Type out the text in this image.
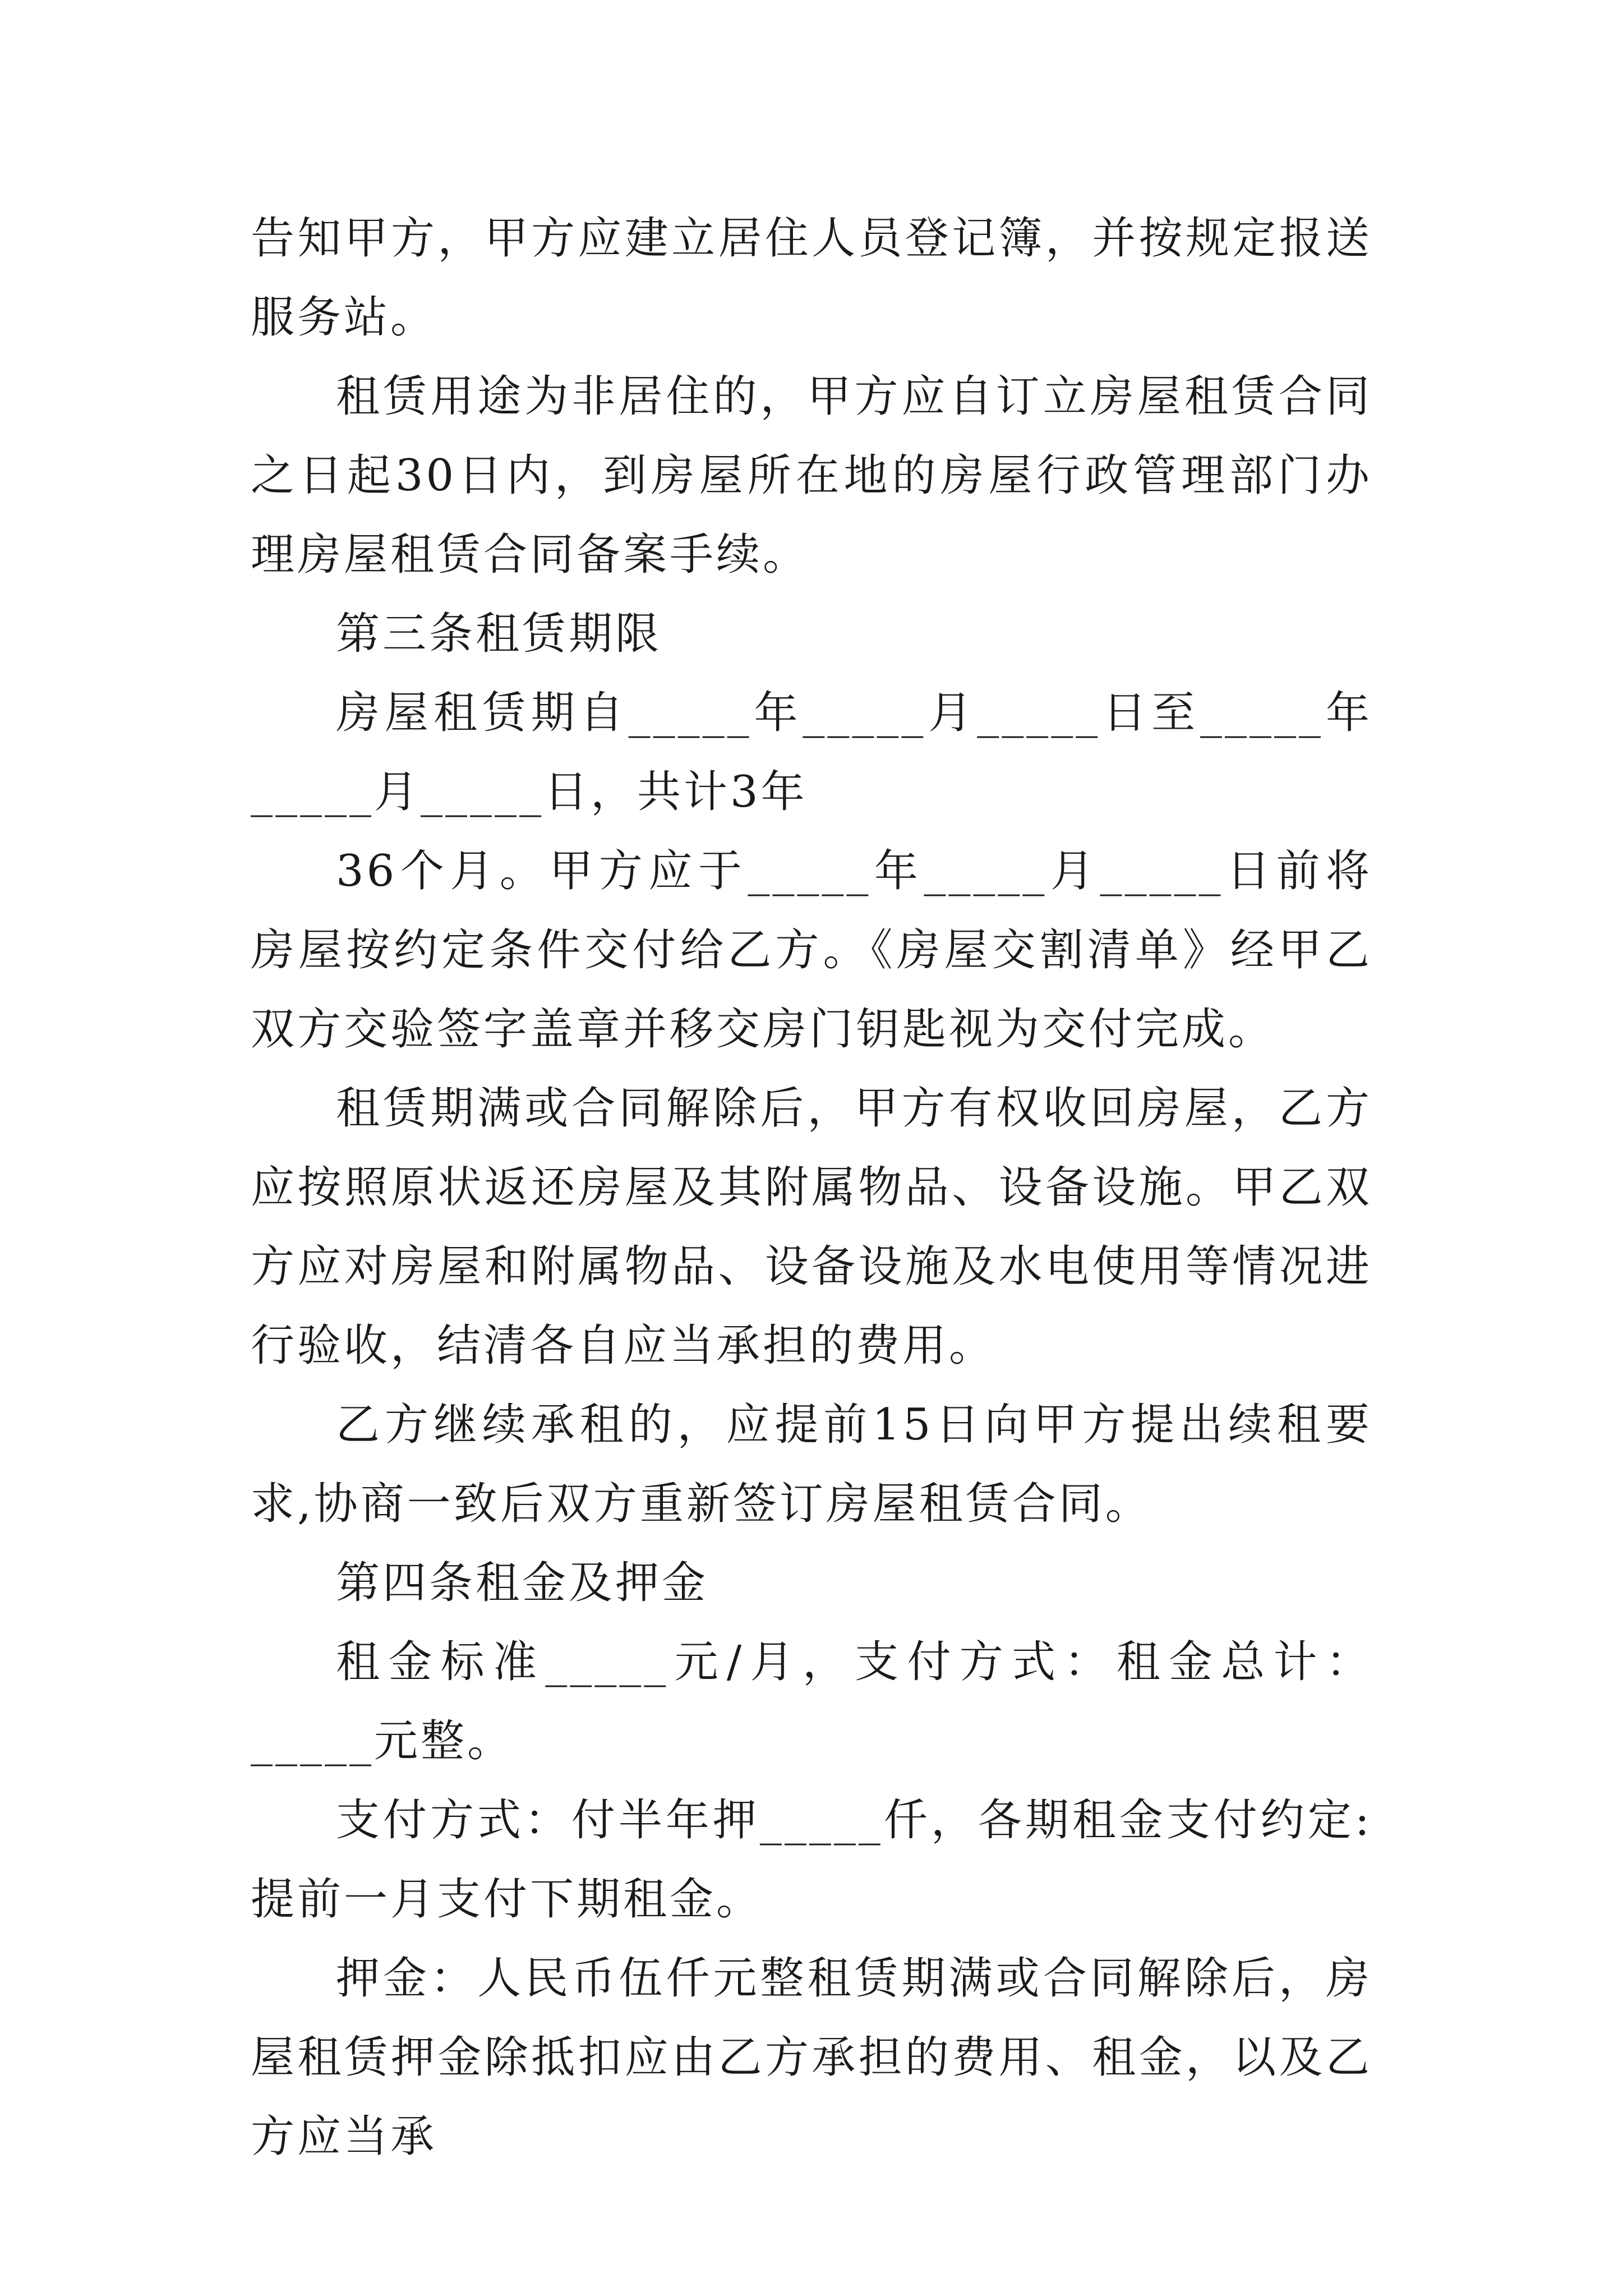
告知甲方，甲方应建立居住人员登记簿，并按规定报送服务站。

租赁用途为非居住的，甲方应自订立房屋租赁合同之日起30日内，到房屋所在地的房屋行政管理部门办理房屋租赁合同备案手续。

第三条租赁期限

房屋租赁期自_____年_____月_____日至_____年_____月_____日，共计3年

36个月。甲方应于_____年_____月_____日前将房屋按约定条件交付给乙方。《房屋交割清单》经甲乙双方交验签字盖章并移交房门钥匙视为交付完成。

租赁期满或合同解除后，甲方有权收回房屋，乙方应按照原状返还房屋及其附属物品、设备设施。甲乙双方应对房屋和附属物品、设备设施及水电使用等情况进行验收，结清各自应当承担的费用。

乙方继续承租的，应提前15日向甲方提出续租要求,协商一致后双方重新签订房屋租赁合同。

第四条租金及押金

租金标准_____元/月，支付方式：租金总计：_____元整。

支付方式：付半年押_____仟，各期租金支付约定:提前一月支付下期租金。

押金：人民币伍仟元整租赁期满或合同解除后，房屋租赁押金除抵扣应由乙方承担的费用、租金，以及乙方应当承
